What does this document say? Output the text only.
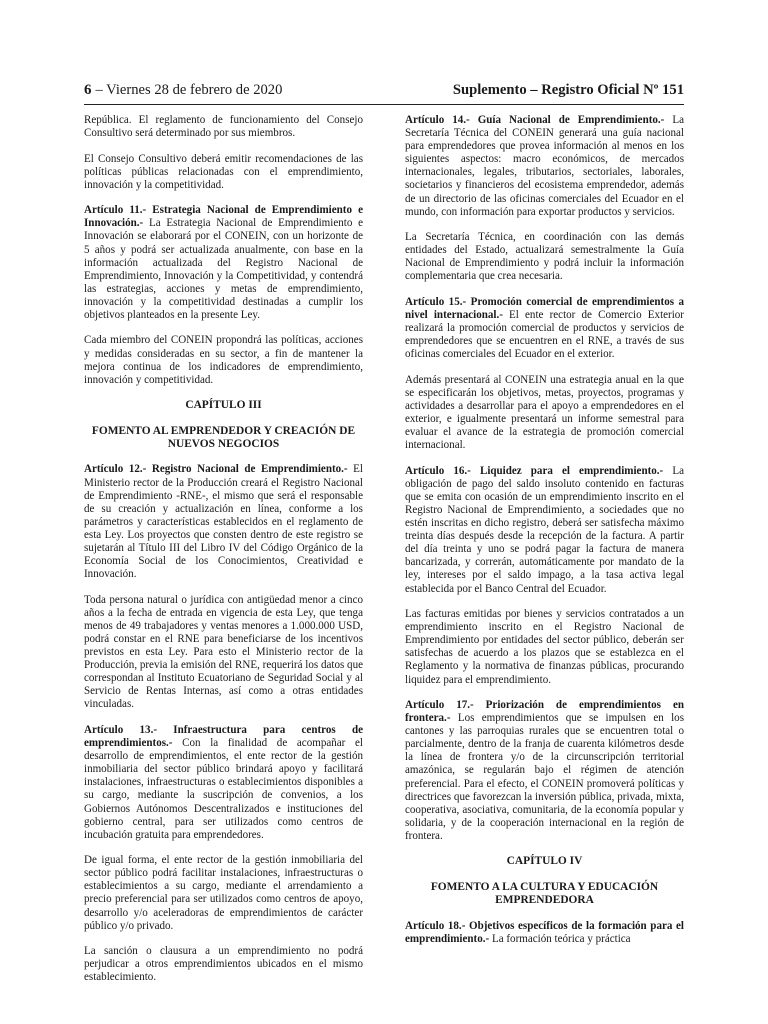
6 – Viernes 28 de febrero de 2020	Suplemento – Registro Oficial Nº 151

República. El reglamento de funcionamiento del Consejo Consultivo será determinado por sus miembros.

El Consejo Consultivo deberá emitir recomendaciones de las políticas públicas relacionadas con el emprendimiento, innovación y la competitividad.

Artículo 11.- Estrategia Nacional de Emprendimiento e Innovación.- La Estrategia Nacional de Emprendimiento e Innovación se elaborará por el CONEIN, con un horizonte de 5 años y podrá ser actualizada anualmente, con base en la información actualizada del Registro Nacional de Emprendimiento, Innovación y la Competitividad, y contendrá las estrategias, acciones y metas de emprendimiento, innovación y la competitividad destinadas a cumplir los objetivos planteados en la presente Ley.

Cada miembro del CONEIN propondrá las políticas, acciones y medidas consideradas en su sector, a fin de mantener la mejora continua de los indicadores de emprendimiento, innovación y competitividad.

CAPÍTULO III
FOMENTO AL EMPRENDEDOR Y CREACIÓN DE NUEVOS NEGOCIOS

Artículo 12.- Registro Nacional de Emprendimiento.- El Ministerio rector de la Producción creará el Registro Nacional de Emprendimiento -RNE-, el mismo que será el responsable de su creación y actualización en línea, conforme a los parámetros y características establecidos en el reglamento de esta Ley. Los proyectos que consten dentro de este registro se sujetarán al Título III del Libro IV del Código Orgánico de la Economía Social de los Conocimientos, Creatividad e Innovación.

Toda persona natural o jurídica con antigüedad menor a cinco años a la fecha de entrada en vigencia de esta Ley, que tenga menos de 49 trabajadores y ventas menores a 1.000.000 USD, podrá constar en el RNE para beneficiarse de los incentivos previstos en esta Ley. Para esto el Ministerio rector de la Producción, previa la emisión del RNE, requerirá los datos que correspondan al Instituto Ecuatoriano de Seguridad Social y al Servicio de Rentas Internas, así como a otras entidades vinculadas.

Artículo 13.- Infraestructura para centros de emprendimientos.- Con la finalidad de acompañar el desarrollo de emprendimientos, el ente rector de la gestión inmobiliaria del sector público brindará apoyo y facilitará instalaciones, infraestructuras o establecimientos disponibles a su cargo, mediante la suscripción de convenios, a los Gobiernos Autónomos Descentralizados e instituciones del gobierno central, para ser utilizados como centros de incubación gratuita para emprendedores.

De igual forma, el ente rector de la gestión inmobiliaria del sector público podrá facilitar instalaciones, infraestructuras o establecimientos a su cargo, mediante el arrendamiento a precio preferencial para ser utilizados como centros de apoyo, desarrollo y/o aceleradoras de emprendimientos de carácter público y/o privado.

La sanción o clausura a un emprendimiento no podrá perjudicar a otros emprendimientos ubicados en el mismo establecimiento.

Artículo 14.- Guía Nacional de Emprendimiento.- La Secretaría Técnica del CONEIN generará una guía nacional para emprendedores que provea información al menos en los siguientes aspectos: macro económicos, de mercados internacionales, legales, tributarios, sectoriales, laborales, societarios y financieros del ecosistema emprendedor, además de un directorio de las oficinas comerciales del Ecuador en el mundo, con información para exportar productos y servicios.

La Secretaría Técnica, en coordinación con las demás entidades del Estado, actualizará semestralmente la Guía Nacional de Emprendimiento y podrá incluir la información complementaria que crea necesaria.

Artículo 15.- Promoción comercial de emprendimientos a nivel internacional.- El ente rector de Comercio Exterior realizará la promoción comercial de productos y servicios de emprendedores que se encuentren en el RNE, a través de sus oficinas comerciales del Ecuador en el exterior.

Además presentará al CONEIN una estrategia anual en la que se especificarán los objetivos, metas, proyectos, programas y actividades a desarrollar para el apoyo a emprendedores en el exterior, e igualmente presentará un informe semestral para evaluar el avance de la estrategia de promoción comercial internacional.

Artículo 16.- Liquidez para el emprendimiento.- La obligación de pago del saldo insoluto contenido en facturas que se emita con ocasión de un emprendimiento inscrito en el Registro Nacional de Emprendimiento, a sociedades que no estén inscritas en dicho registro, deberá ser satisfecha máximo treinta días después desde la recepción de la factura. A partir del día treinta y uno se podrá pagar la factura de manera bancarizada, y correrán, automáticamente por mandato de la ley, intereses por el saldo impago, a la tasa activa legal establecida por el Banco Central del Ecuador.

Las facturas emitidas por bienes y servicios contratados a un emprendimiento inscrito en el Registro Nacional de Emprendimiento por entidades del sector público, deberán ser satisfechas de acuerdo a los plazos que se establezca en el Reglamento y la normativa de finanzas públicas, procurando liquidez para el emprendimiento.

Artículo 17.- Priorización de emprendimientos en frontera.- Los emprendimientos que se impulsen en los cantones y las parroquias rurales que se encuentren total o parcialmente, dentro de la franja de cuarenta kilómetros desde la línea de frontera y/o de la circunscripción territorial amazónica, se regularán bajo el régimen de atención preferencial. Para el efecto, el CONEIN promoverá políticas y directrices que favorezcan la inversión pública, privada, mixta, cooperativa, asociativa, comunitaria, de la economía popular y solidaria, y de la cooperación internacional en la región de frontera.

CAPÍTULO IV
FOMENTO A LA CULTURA Y EDUCACIÓN EMPRENDEDORA

Artículo 18.- Objetivos específicos de la formación para el emprendimiento.- La formación teórica y práctica
